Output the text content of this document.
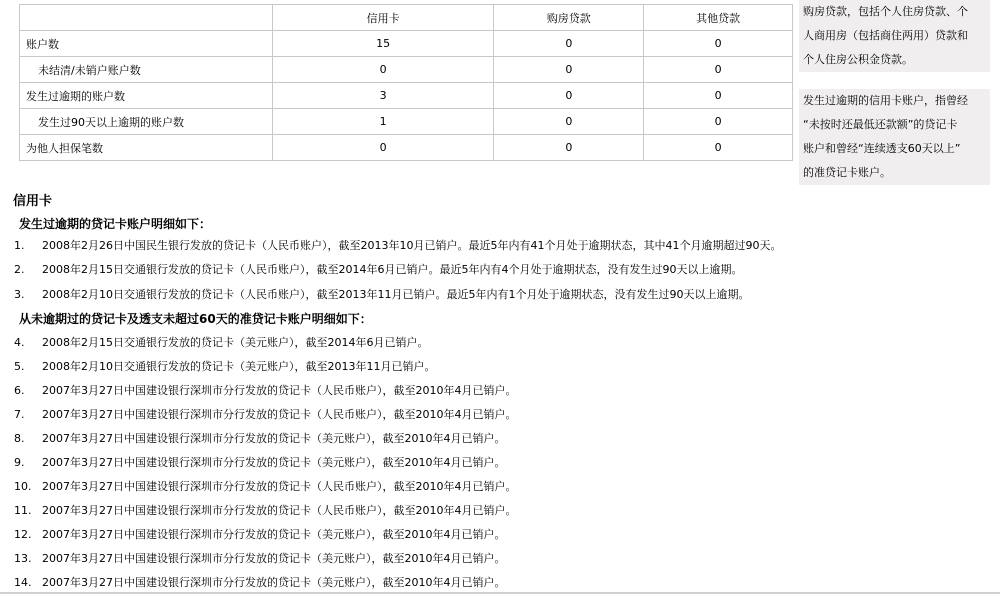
	信用卡	购房贷款	其他贷款
账户数	15	0	0
未结清/未销户账户数	0	0	0
发生过逾期的账户数	3	0	0
发生过90天以上逾期的账户数	1	0	0
为他人担保笔数	0	0	0

购房贷款，包括个人住房贷款、个

人商用房（包括商住两用）贷款和

个人住房公积金贷款。

发生过逾期的信用卡账户，指曾经

“未按时还最低还款额”的贷记卡

账户和曾经“连续透支60天以上”

的准贷记卡账户。

信用卡
发生过逾期的贷记卡账户明细如下：
1. 2008年2月26日中国民生银行发放的贷记卡（人民币账户），截至2013年10月已销户。最近5年内有41个月处于逾期状态，其中41个月逾期超过90天。
2. 2008年2月15日交通银行发放的贷记卡（人民币账户），截至2014年6月已销户。最近5年内有4个月处于逾期状态，没有发生过90天以上逾期。
3. 2008年2月10日交通银行发放的贷记卡（人民币账户），截至2013年11月已销户。最近5年内有1个月处于逾期状态，没有发生过90天以上逾期。
从未逾期过的贷记卡及透支未超过60天的准贷记卡账户明细如下：
4. 2008年2月15日交通银行发放的贷记卡（美元账户），截至2014年6月已销户。
5. 2008年2月10日交通银行发放的贷记卡（美元账户），截至2013年11月已销户。
6. 2007年3月27日中国建设银行深圳市分行发放的贷记卡（人民币账户），截至2010年4月已销户。
7. 2007年3月27日中国建设银行深圳市分行发放的贷记卡（人民币账户），截至2010年4月已销户。
8. 2007年3月27日中国建设银行深圳市分行发放的贷记卡（美元账户），截至2010年4月已销户。
9. 2007年3月27日中国建设银行深圳市分行发放的贷记卡（美元账户），截至2010年4月已销户。
10. 2007年3月27日中国建设银行深圳市分行发放的贷记卡（人民币账户），截至2010年4月已销户。
11. 2007年3月27日中国建设银行深圳市分行发放的贷记卡（人民币账户），截至2010年4月已销户。
12. 2007年3月27日中国建设银行深圳市分行发放的贷记卡（美元账户），截至2010年4月已销户。
13. 2007年3月27日中国建设银行深圳市分行发放的贷记卡（美元账户），截至2010年4月已销户。
14. 2007年3月27日中国建设银行深圳市分行发放的贷记卡（美元账户），截至2010年4月已销户。
